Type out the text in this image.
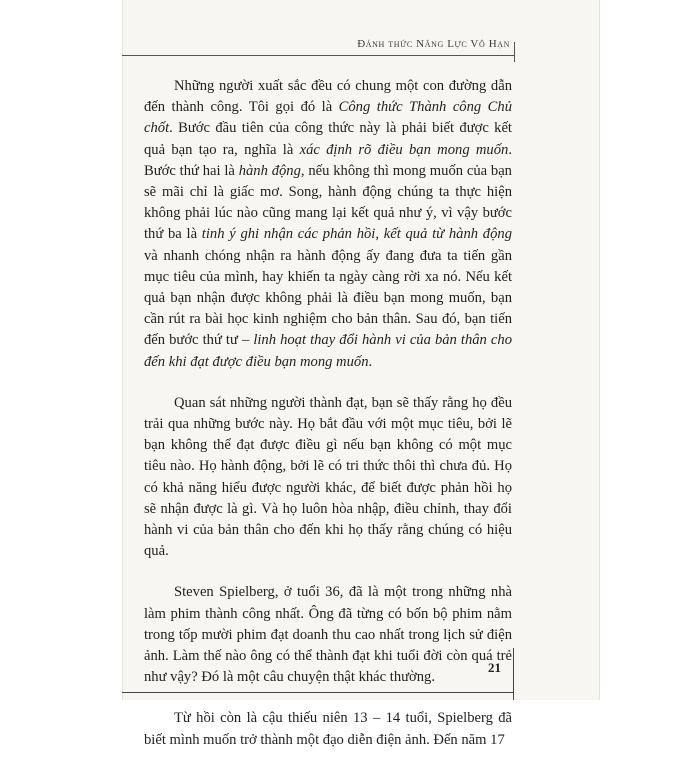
Đánh thức Năng Lực Vô Hạn

Những người xuất sắc đều có chung một con đường dẫn đến thành công. Tôi gọi đó là Công thức Thành công Chủ chốt. Bước đầu tiên của công thức này là phải biết được kết quả bạn tạo ra, nghĩa là xác định rõ điều bạn mong muốn. Bước thứ hai là hành động, nếu không thì mong muốn của bạn sẽ mãi chỉ là giấc mơ. Song, hành động chúng ta thực hiện không phải lúc nào cũng mang lại kết quả như ý, vì vậy bước thứ ba là tinh ý ghi nhận các phản hồi, kết quả từ hành động và nhanh chóng nhận ra hành động ấy đang đưa ta tiến gần mục tiêu của mình, hay khiến ta ngày càng rời xa nó. Nếu kết quả bạn nhận được không phải là điều bạn mong muốn, bạn cần rút ra bài học kinh nghiệm cho bản thân. Sau đó, bạn tiến đến bước thứ tư – linh hoạt thay đổi hành vi của bản thân cho đến khi đạt được điều bạn mong muốn.

Quan sát những người thành đạt, bạn sẽ thấy rằng họ đều trải qua những bước này. Họ bắt đầu với một mục tiêu, bởi lẽ bạn không thể đạt được điều gì nếu bạn không có một mục tiêu nào. Họ hành động, bởi lẽ có tri thức thôi thì chưa đủ. Họ có khả năng hiểu được người khác, để biết được phản hồi họ sẽ nhận được là gì. Và họ luôn hòa nhập, điều chỉnh, thay đổi hành vi của bản thân cho đến khi họ thấy rằng chúng có hiệu quả.

Steven Spielberg, ở tuổi 36, đã là một trong những nhà làm phim thành công nhất. Ông đã từng có bốn bộ phim nằm trong tốp mười phim đạt doanh thu cao nhất trong lịch sử điện ảnh. Làm thế nào ông có thể thành đạt khi tuổi đời còn quá trẻ như vậy? Đó là một câu chuyện thật khác thường.

Từ hồi còn là cậu thiếu niên 13 – 14 tuổi, Spielberg đã biết mình muốn trở thành một đạo diễn điện ảnh. Đến năm 17

21
